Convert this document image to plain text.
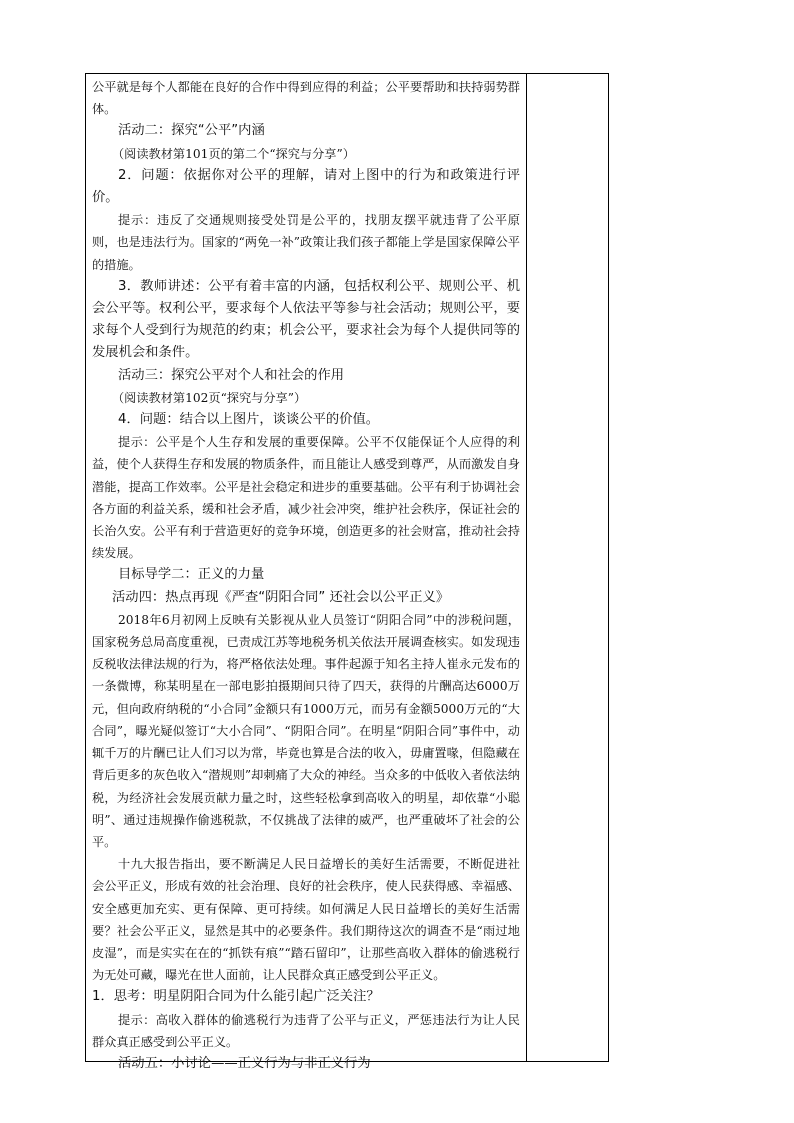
公平就是每个人都能在良好的合作中得到应得的利益；公平要帮助和扶持弱势群体。

活动二：探究“公平”内涵

（阅读教材第101页的第二个“探究与分享”）

2．问题：依据你对公平的理解，请对上图中的行为和政策进行评价。

提示：违反了交通规则接受处罚是公平的，找朋友摆平就违背了公平原则，也是违法行为。国家的“两免一补”政策让我们孩子都能上学是国家保障公平的措施。

3．教师讲述：公平有着丰富的内涵，包括权利公平、规则公平、机会公平等。权利公平，要求每个人依法平等参与社会活动；规则公平，要求每个人受到行为规范的约束；机会公平，要求社会为每个人提供同等的发展机会和条件。

活动三：探究公平对个人和社会的作用

（阅读教材第102页“探究与分享”）

4．问题：结合以上图片，谈谈公平的价值。

提示：公平是个人生存和发展的重要保障。公平不仅能保证个人应得的利益，使个人获得生存和发展的物质条件，而且能让人感受到尊严，从而激发自身潜能，提高工作效率。公平是社会稳定和进步的重要基础。公平有利于协调社会各方面的利益关系，缓和社会矛盾，减少社会冲突，维护社会秩序，保证社会的长治久安。公平有利于营造更好的竞争环境，创造更多的社会财富，推动社会持续发展。

目标导学二：正义的力量

活动四：热点再现《严查“阴阳合同” 还社会以公平正义》

2018年6月初网上反映有关影视从业人员签订“阴阳合同”中的涉税问题，国家税务总局高度重视，已责成江苏等地税务机关依法开展调查核实。如发现违反税收法律法规的行为，将严格依法处理。事件起源于知名主持人崔永元发布的一条微博，称某明星在一部电影拍摄期间只待了四天，获得的片酬高达6000万元，但向政府纳税的“小合同”金额只有1000万元，而另有金额5000万元的“大合同”，曝光疑似签订“大小合同”、“阴阳合同”。在明星“阴阳合同”事件中，动辄千万的片酬已让人们习以为常，毕竟也算是合法的收入，毋庸置喙，但隐藏在背后更多的灰色收入“潜规则”却刺痛了大众的神经。当众多的中低收入者依法纳税，为经济社会发展贡献力量之时，这些轻松拿到高收入的明星，却依靠“小聪明”、通过违规操作偷逃税款，不仅挑战了法律的威严，也严重破坏了社会的公平。

十九大报告指出，要不断满足人民日益增长的美好生活需要，不断促进社会公平正义，形成有效的社会治理、良好的社会秩序，使人民获得感、幸福感、安全感更加充实、更有保障、更可持续。如何满足人民日益增长的美好生活需要？社会公平正义，显然是其中的必要条件。我们期待这次的调查不是“雨过地皮湿”，而是实实在在的“抓铁有痕”“踏石留印”，让那些高收入群体的偷逃税行为无处可藏，曝光在世人面前，让人民群众真正感受到公平正义。

1．思考：明星阴阳合同为什么能引起广泛关注？

提示：高收入群体的偷逃税行为违背了公平与正义，严惩违法行为让人民群众真正感受到公平正义。

活动五：小讨论——正义行为与非正义行为
